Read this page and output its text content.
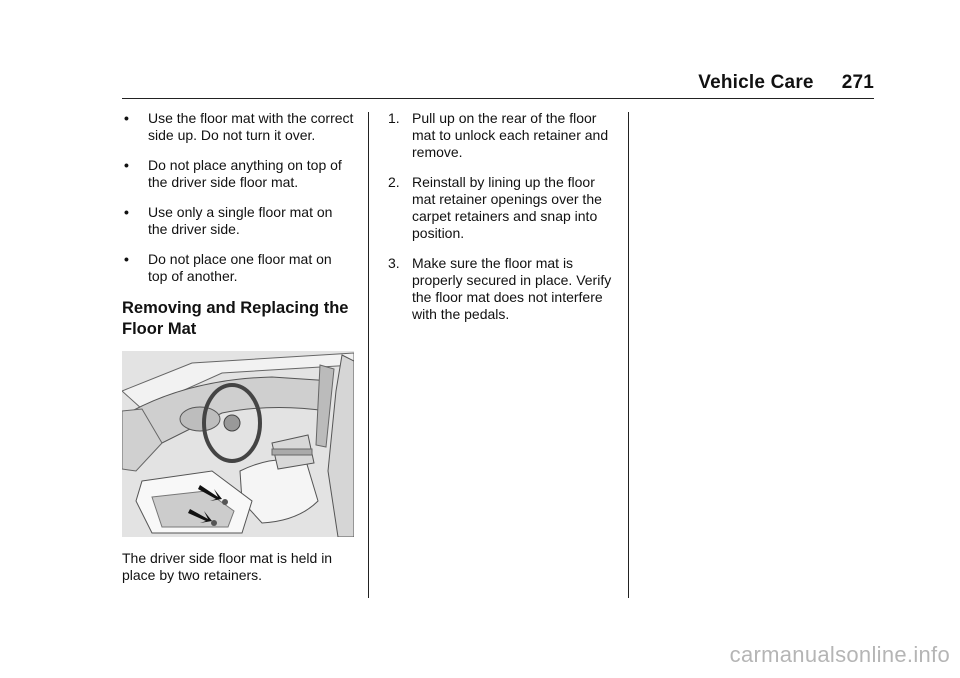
Vehicle Care 271
•	Use the floor mat with the correct side up. Do not turn it over.
•	Do not place anything on top of the driver side floor mat.
•	Use only a single floor mat on the driver side.
•	Do not place one floor mat on top of another.
Removing and Replacing the Floor Mat
The driver side floor mat is held in place by two retainers.
1. Pull up on the rear of the floor mat to unlock each retainer and remove.
2. Reinstall by lining up the floor mat retainer openings over the carpet retainers and snap into position.
3. Make sure the floor mat is properly secured in place. Verify the floor mat does not interfere with the pedals.
carmanualsonline.info
